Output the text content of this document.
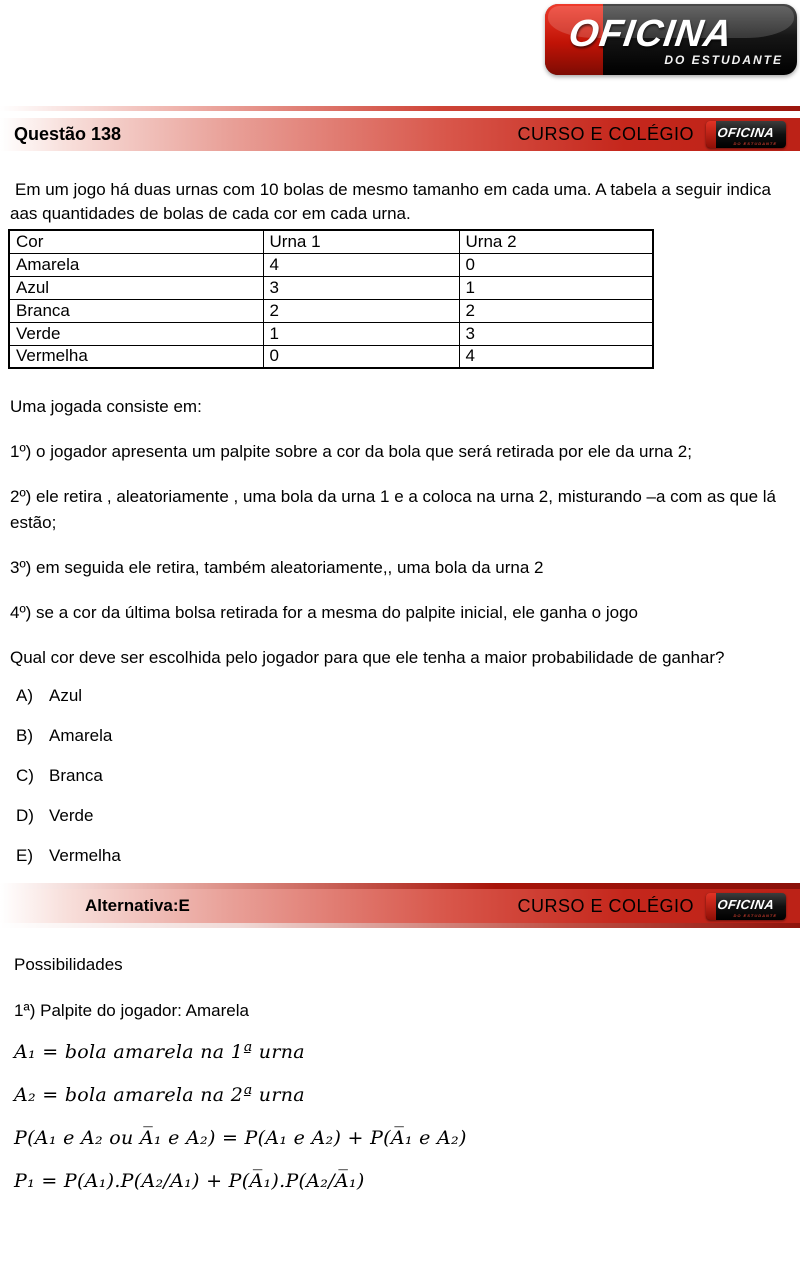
OFICINA
DO ESTUDANTE
Questão 138	CURSO E COLÉGIO	OFICINA
DO ESTUDANTE

Em um jogo há duas urnas com 10 bolas de mesmo tamanho em cada uma. A tabela a seguir indica aas quantidades de bolas de cada cor em cada urna.

Cor	Urna 1	Urna 2
Amarela	4	0
Azul	3	1
Branca	2	2
Verde	1	3
Vermelha	0	4

Uma jogada consiste em:

1º) o jogador apresenta um palpite sobre a cor da bola que será retirada por ele da urna 2;

2º) ele retira , aleatoriamente , uma bola da urna 1 e a coloca na urna 2, misturando –a com as que lá estão;

3º) em seguida ele retira, também aleatoriamente,, uma bola da urna 2

4º) se a cor da última bolsa retirada for a mesma do palpite inicial, ele ganha o jogo

Qual cor deve ser escolhida pelo jogador para que ele tenha a maior probabilidade de ganhar?

A) Azul
B) Amarela
C) Branca
D) Verde
E) Vermelha
Alternativa:E	CURSO E COLÉGIO	OFICINA
DO ESTUDANTE

Possibilidades

1ª) Palpite do jogador: Amarela

A₁ = bola amarela na 1ª urna
A₂ = bola amarela na 2ª urna
P(A₁ e A₂ ou A̅₁ e A₂) = P(A₁ e A₂) + P(A̅₁ e A₂)
P₁ = P(A₁).P(A₂/A₁) + P(A̅₁).P(A₂/A̅₁)
